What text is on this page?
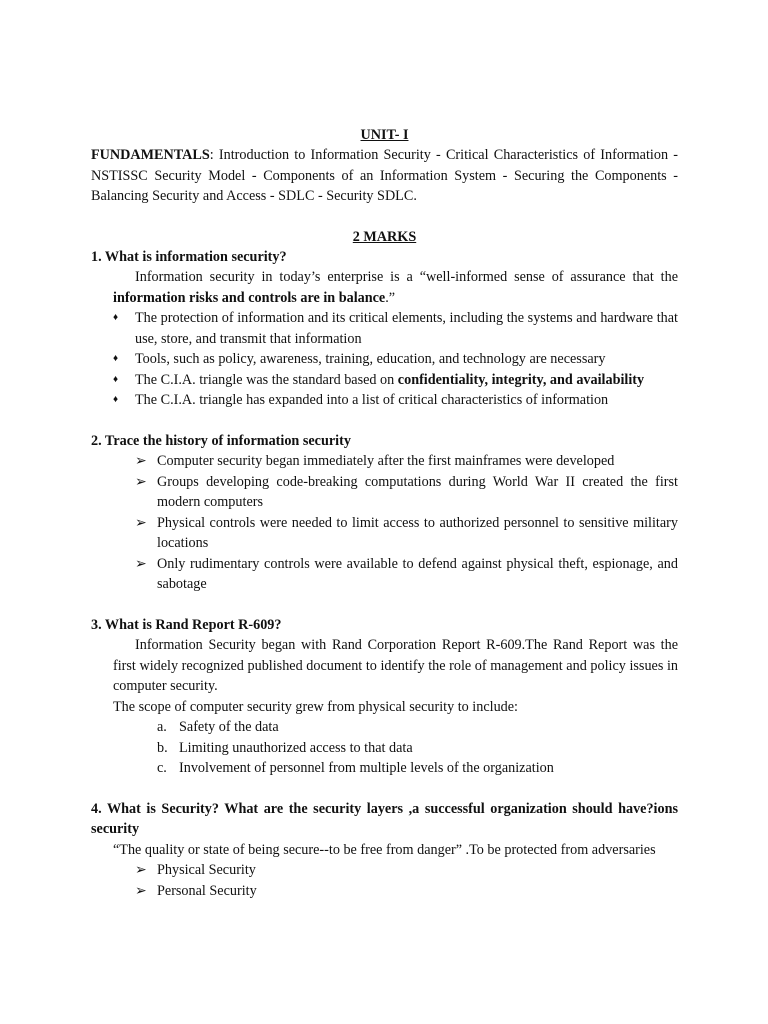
UNIT- I

FUNDAMENTALS: Introduction to Information Security - Critical Characteristics of Information - NSTISSC Security Model - Components of an Information System - Securing the Components - Balancing Security and Access - SDLC - Security SDLC.

2 MARKS

1. What is information security?

Information security in today’s enterprise is a “well-informed sense of assurance that the information risks and controls are in balance.”

♦ The protection of information and its critical elements, including the systems and hardware that use, store, and transmit that information
♦ Tools, such as policy, awareness, training, education, and technology are necessary
♦ The C.I.A. triangle was the standard based on confidentiality, integrity, and availability
♦ The C.I.A. triangle has expanded into a list of critical characteristics of information

2. Trace the history of information security

➢ Computer security began immediately after the first mainframes were developed
➢ Groups developing code-breaking computations during World War II created the first modern computers
➢ Physical controls were needed to limit access to authorized personnel to sensitive military locations
➢ Only rudimentary controls were available to defend against physical theft, espionage, and sabotage

3. What is Rand Report R-609?

Information Security began with Rand Corporation Report R-609.The Rand Report was the first widely recognized published document to identify the role of management and policy issues in computer security.

The scope of computer security grew from physical security to include:

a. Safety of the data
b. Limiting unauthorized access to that data
c. Involvement of personnel from multiple levels of the organization

4. What is Security? What are the security layers ,a successful organization should have?ions security

“The quality or state of being secure--to be free from danger” .To be protected from adversaries

➢ Physical Security
➢ Personal Security
